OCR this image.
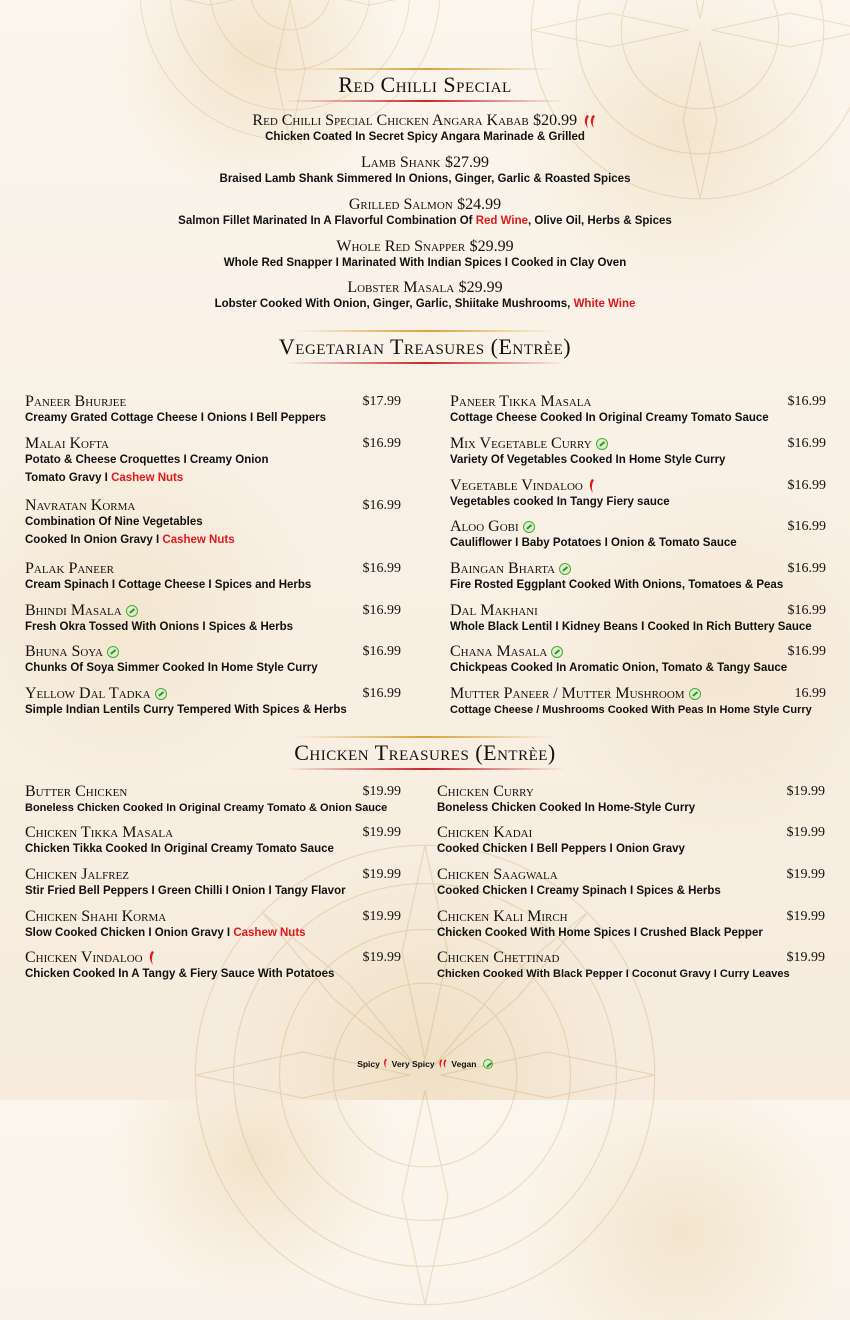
Red Chilli Special
Red Chilli Special Chicken Angara Kabab $20.99
Chicken Coated In Secret Spicy Angara Marinade & Grilled
Lamb Shank $27.99
Braised Lamb Shank Simmered In Onions, Ginger, Garlic & Roasted Spices
Grilled Salmon $24.99
Salmon Fillet Marinated In A Flavorful Combination Of Red Wine, Olive Oil, Herbs & Spices
Whole Red Snapper $29.99
Whole Red Snapper I Marinated With Indian Spices I Cooked in Clay Oven
Lobster Masala $29.99
Lobster Cooked With Onion, Ginger, Garlic, Shiitake Mushrooms, White Wine
Vegetarian Treasures (Entrèe)
Paneer Bhurjee	$17.99
Creamy Grated Cottage Cheese I Onions I Bell Peppers
Malai Kofta	$16.99
Potato & Cheese Croquettes I Creamy Onion
Tomato Gravy I Cashew Nuts
Navratan Korma	$16.99
Combination Of Nine Vegetables
Cooked In Onion Gravy I Cashew Nuts
Palak Paneer	$16.99
Cream Spinach I Cottage Cheese I Spices and Herbs
Bhindi Masala	$16.99
Fresh Okra Tossed With Onions I Spices & Herbs
Bhuna Soya	$16.99
Chunks Of Soya Simmer Cooked In Home Style Curry
Yellow Dal Tadka	$16.99
Simple Indian Lentils Curry Tempered With Spices & Herbs
Paneer Tikka Masala	$16.99
Cottage Cheese Cooked In Original Creamy Tomato Sauce
Mix Vegetable Curry	$16.99
Variety Of Vegetables Cooked In Home Style Curry
Vegetable Vindaloo	$16.99
Vegetables cooked In Tangy Fiery sauce
Aloo Gobi	$16.99
Cauliflower I Baby Potatoes I Onion & Tomato Sauce
Baingan Bharta	$16.99
Fire Rosted Eggplant Cooked With Onions, Tomatoes & Peas
Dal Makhani	$16.99
Whole Black Lentil I Kidney Beans I Cooked In Rich Buttery Sauce
Chana Masala	$16.99
Chickpeas Cooked In Aromatic Onion, Tomato & Tangy Sauce
Mutter Paneer / Mutter Mushroom	16.99
Cottage Cheese / Mushrooms Cooked With Peas In Home Style Curry
Chicken Treasures (Entrèe)
Butter Chicken	$19.99
Boneless Chicken Cooked In Original Creamy Tomato & Onion Sauce
Chicken Tikka Masala	$19.99
Chicken Tikka Cooked In Original Creamy Tomato Sauce
Chicken Jalfrez	$19.99
Stir Fried Bell Peppers I Green Chilli I Onion I Tangy Flavor
Chicken Shahi Korma	$19.99
Slow Cooked Chicken I Onion Gravy I Cashew Nuts
Chicken Vindaloo	$19.99
Chicken Cooked In A Tangy & Fiery Sauce With Potatoes
Chicken Curry	$19.99
Boneless Chicken Cooked In Home-Style Curry
Chicken Kadai	$19.99
Cooked Chicken I Bell Peppers I Onion Gravy
Chicken Saagwala	$19.99
Cooked Chicken I Creamy Spinach I Spices & Herbs
Chicken Kali Mirch	$19.99
Chicken Cooked With Home Spices I Crushed Black Pepper
Chicken Chettinad	$19.99
Chicken Cooked With Black Pepper I Coconut Gravy I Curry Leaves
Spicy Very Spicy Vegan
